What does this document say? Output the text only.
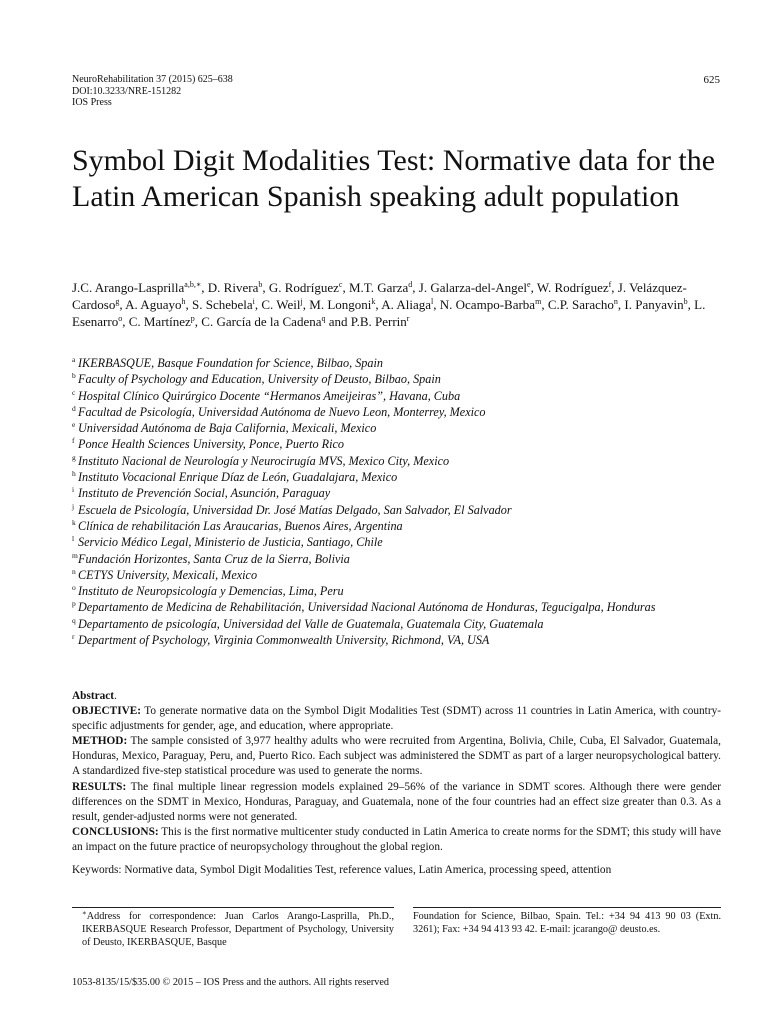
NeuroRehabilitation 37 (2015) 625–638
DOI:10.3233/NRE-151282
IOS Press
625
Symbol Digit Modalities Test: Normative data for the Latin American Spanish speaking adult population
J.C. Arango-Lasprilla$^{a,b,∗}$, D. Rivera$^b$, G. Rodríguez$^c$, M.T. Garza$^d$, J. Galarza-del-Angel$^e$, W. Rodríguez$^f$, J. Velázquez-Cardoso$^g$, A. Aguayo$^h$, S. Schebela$^i$, C. Weil$^j$, M. Longoni$^k$, A. Aliaga$^l$, N. Ocampo-Barba$^m$, C.P. Saracho$^n$, I. Panyavin$^b$, L. Esenarro$^o$, C. Martínez$^p$, C. García de la Cadena$^q$ and P.B. Perrin$^r$
a IKERBASQUE, Basque Foundation for Science, Bilbao, Spain
b Faculty of Psychology and Education, University of Deusto, Bilbao, Spain
c Hospital Clínico Quirúrgico Docente “Hermanos Ameijeiras”, Havana, Cuba
d Facultad de Psicología, Universidad Autónoma de Nuevo Leon, Monterrey, Mexico
e Universidad Autónoma de Baja California, Mexicali, Mexico
f Ponce Health Sciences University, Ponce, Puerto Rico
g Instituto Nacional de Neurología y Neurocirugía MVS, Mexico City, Mexico
h Instituto Vocacional Enrique Díaz de León, Guadalajara, Mexico
i Instituto de Prevención Social, Asunción, Paraguay
j Escuela de Psicología, Universidad Dr. José Matías Delgado, San Salvador, El Salvador
k Clínica de rehabilitación Las Araucarias, Buenos Aires, Argentina
l Servicio Médico Legal, Ministerio de Justicia, Santiago, Chile
m Fundación Horizontes, Santa Cruz de la Sierra, Bolivia
n CETYS University, Mexicali, Mexico
o Instituto de Neuropsicología y Demencias, Lima, Peru
p Departamento de Medicina de Rehabilitación, Universidad Nacional Autónoma de Honduras, Tegucigalpa, Honduras
q Departamento de psicología, Universidad del Valle de Guatemala, Guatemala City, Guatemala
r Department of Psychology, Virginia Commonwealth University, Richmond, VA, USA
Abstract.
OBJECTIVE: To generate normative data on the Symbol Digit Modalities Test (SDMT) across 11 countries in Latin America, with country-specific adjustments for gender, age, and education, where appropriate.
METHOD: The sample consisted of 3,977 healthy adults who were recruited from Argentina, Bolivia, Chile, Cuba, El Salvador, Guatemala, Honduras, Mexico, Paraguay, Peru, and, Puerto Rico. Each subject was administered the SDMT as part of a larger neuropsychological battery. A standardized five-step statistical procedure was used to generate the norms.
RESULTS: The final multiple linear regression models explained 29–56% of the variance in SDMT scores. Although there were gender differences on the SDMT in Mexico, Honduras, Paraguay, and Guatemala, none of the four countries had an effect size greater than 0.3. As a result, gender-adjusted norms were not generated.
CONCLUSIONS: This is the first normative multicenter study conducted in Latin America to create norms for the SDMT; this study will have an impact on the future practice of neuropsychology throughout the global region.
Keywords: Normative data, Symbol Digit Modalities Test, reference values, Latin America, processing speed, attention
∗Address for correspondence: Juan Carlos Arango-Lasprilla, Ph.D., IKERBASQUE Research Professor, Department of Psychology, University of Deusto, IKERBASQUE, Basque
Foundation for Science, Bilbao, Spain. Tel.: +34 94 413 90 03 (Extn. 3261); Fax: +34 94 413 93 42. E-mail: jcarango@ deusto.es.
1053-8135/15/$35.00 © 2015 – IOS Press and the authors. All rights reserved
